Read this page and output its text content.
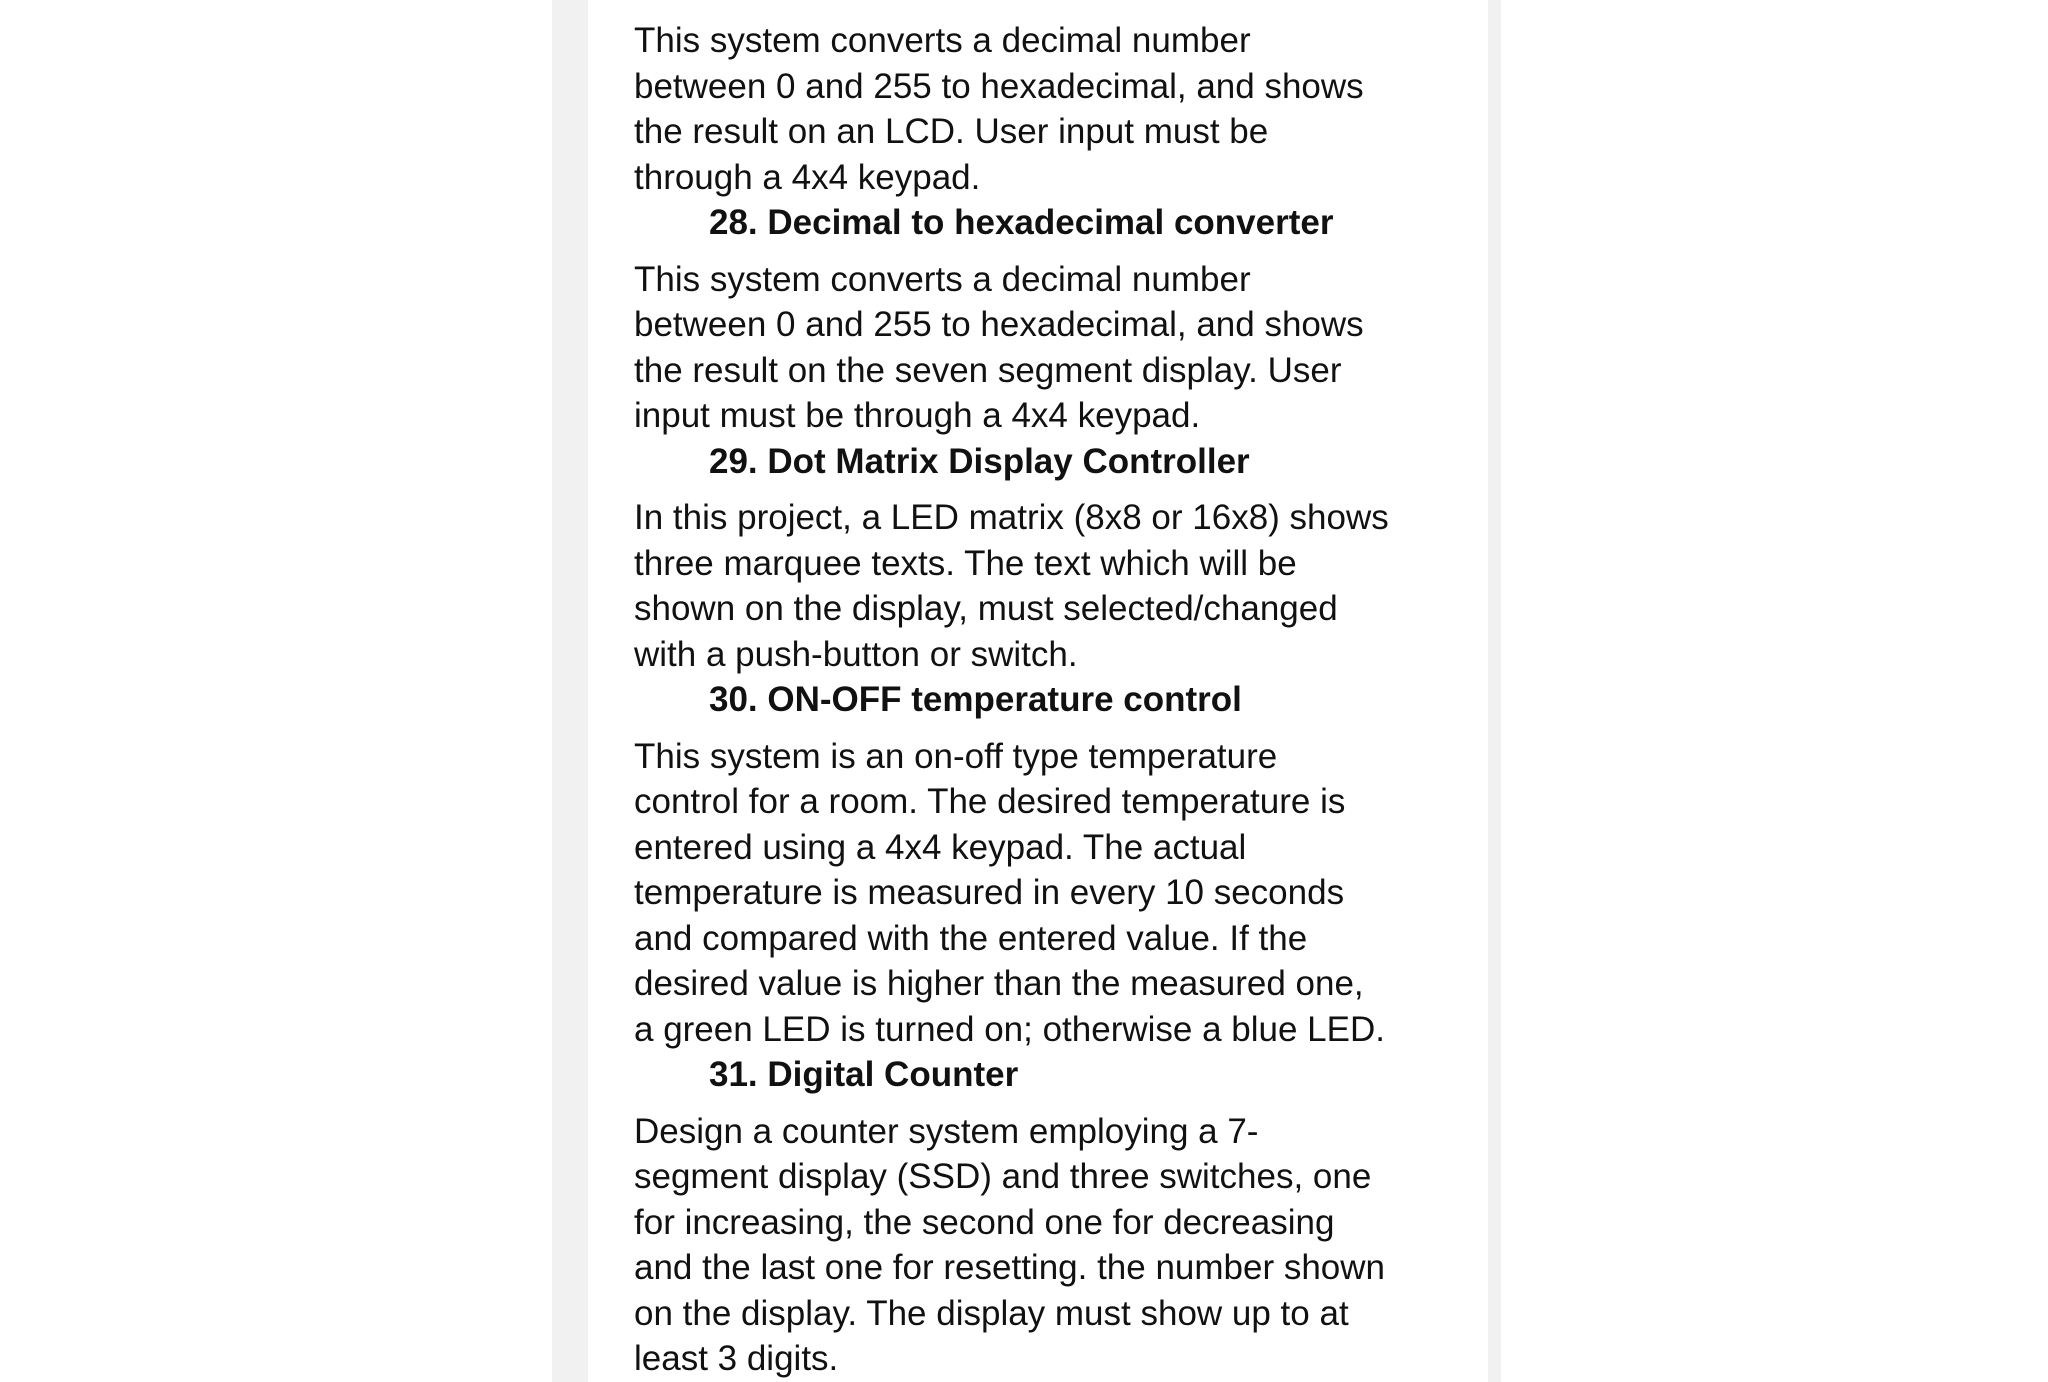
This system converts a decimal number
between 0 and 255 to hexadecimal, and shows
the result on an LCD. User input must be
through a 4x4 keypad.

28. Decimal to hexadecimal converter

This system converts a decimal number
between 0 and 255 to hexadecimal, and shows
the result on the seven segment display. User
input must be through a 4x4 keypad.

29. Dot Matrix Display Controller

In this project, a LED matrix (8x8 or 16x8) shows
three marquee texts. The text which will be
shown on the display, must selected/changed
with a push-button or switch.

30. ON-OFF temperature control

This system is an on-off type temperature
control for a room. The desired temperature is
entered using a 4x4 keypad. The actual
temperature is measured in every 10 seconds
and compared with the entered value. If the
desired value is higher than the measured one,
a green LED is turned on; otherwise a blue LED.

31. Digital Counter

Design a counter system employing a 7-
segment display (SSD) and three switches, one
for increasing, the second one for decreasing
and the last one for resetting. the number shown
on the display. The display must show up to at
least 3 digits.
